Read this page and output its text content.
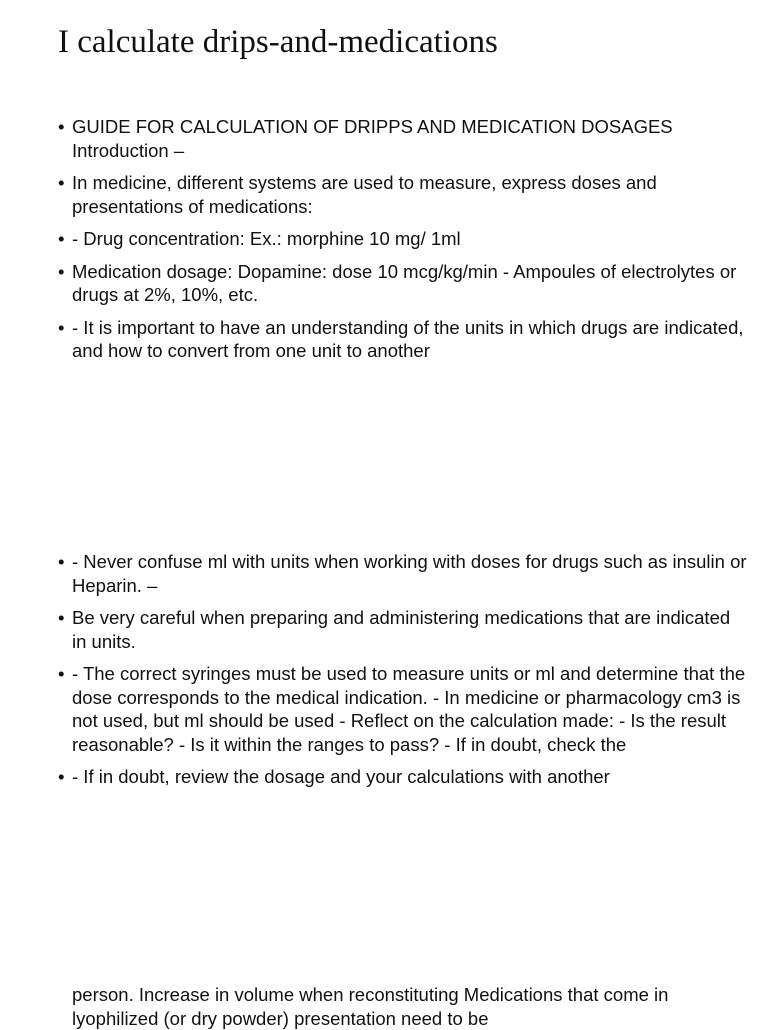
I calculate drips-and-medications
• GUIDE FOR CALCULATION OF DRIPPS AND MEDICATION DOSAGES Introduction –
• In medicine, different systems are used to measure, express doses and presentations of medications:
• - Drug concentration: Ex.: morphine 10 mg/ 1ml
• Medication dosage: Dopamine: dose 10 mcg/kg/min - Ampoules of electrolytes or drugs at 2%, 10%, etc.
• - It is important to have an understanding of the units in which drugs are indicated, and how to convert from one unit to another
• - Never confuse ml with units when working with doses for drugs such as insulin or Heparin. –
• Be very careful when preparing and administering medications that are indicated in units.
• - The correct syringes must be used to measure units or ml and determine that the dose corresponds to the medical indication. - In medicine or pharmacology cm3 is not used, but ml should be used - Reflect on the calculation made: - Is the result reasonable? - Is it within the ranges to pass? - If in doubt, check the
• - If in doubt, review the dosage and your calculations with another

person. Increase in volume when reconstituting Medications that come in lyophilized (or dry powder) presentation need to be
